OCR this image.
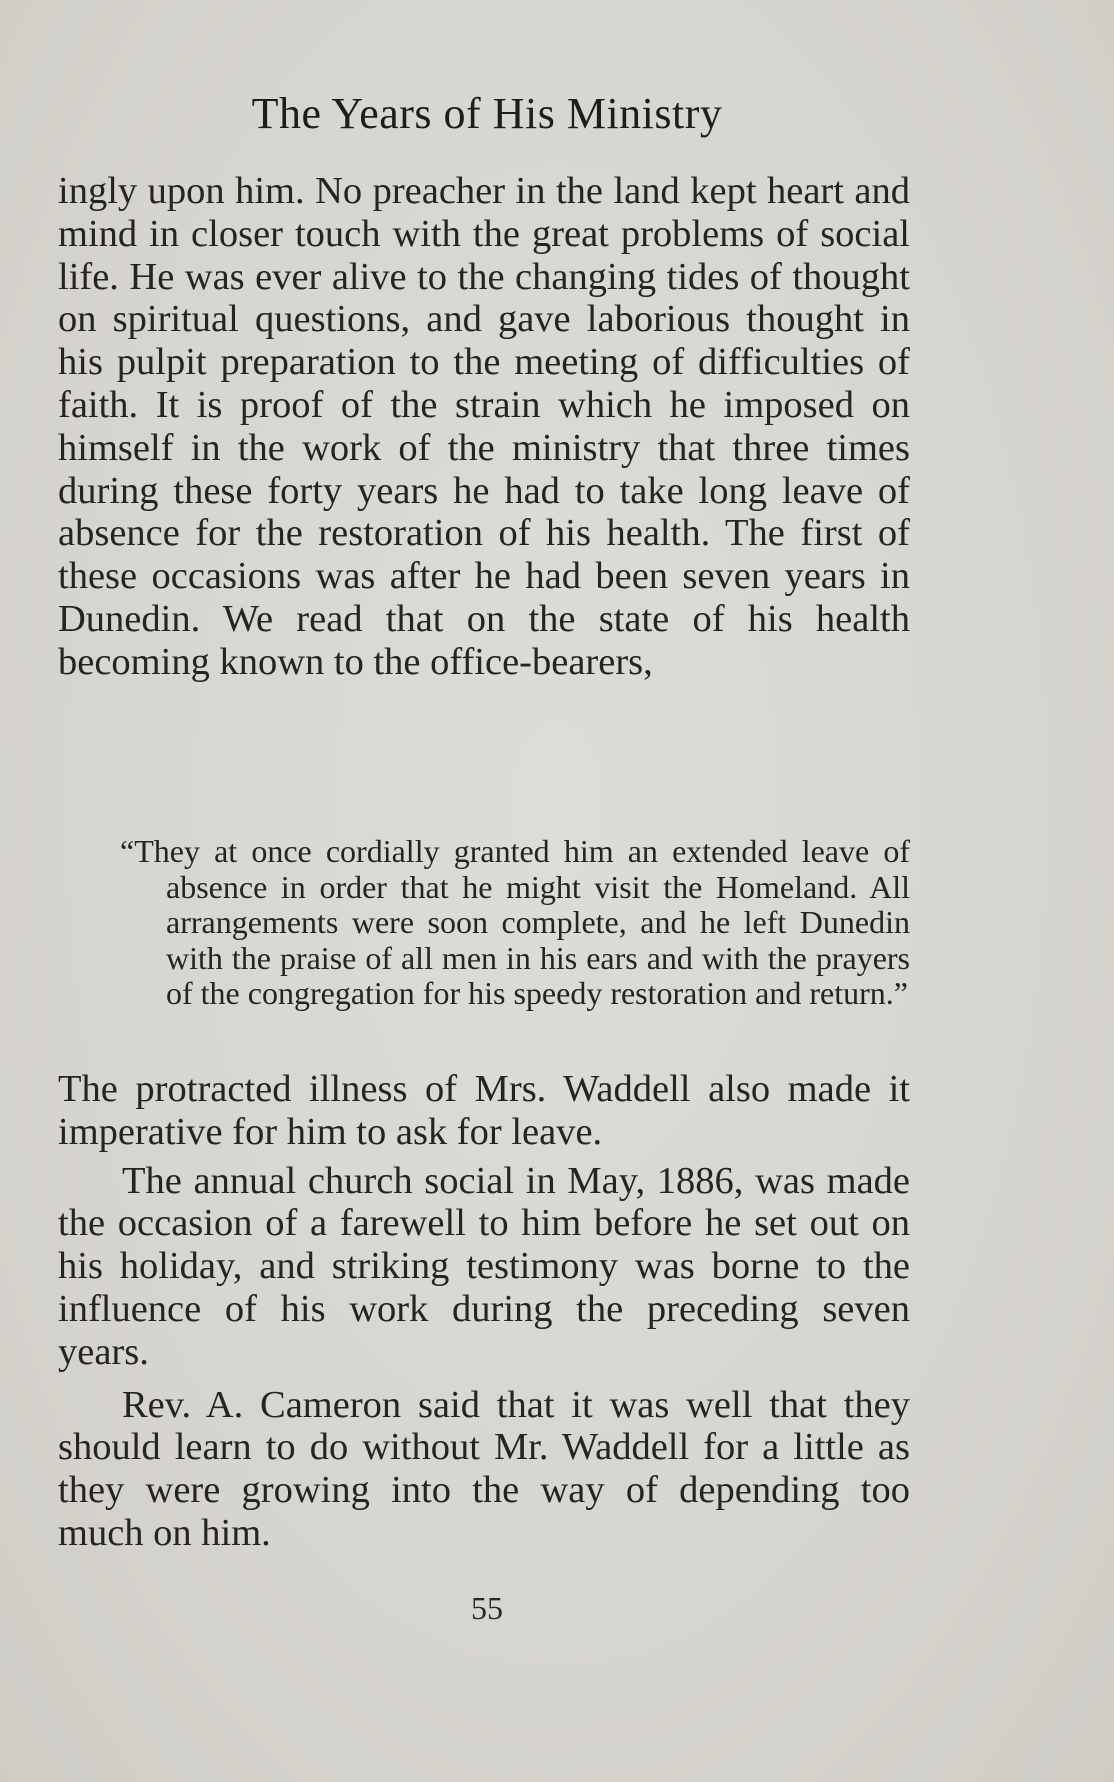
The Years of His Ministry

ingly upon him. No preacher in the land kept heart and mind in closer touch with the great problems of social life. He was ever alive to the changing tides of thought on spiritual questions, and gave laborious thought in his pulpit preparation to the meeting of difficulties of faith. It is proof of the strain which he imposed on himself in the work of the ministry that three times during these forty years he had to take long leave of absence for the restoration of his health. The first of these occasions was after he had been seven years in Dunedin. We read that on the state of his health becoming known to the office-bearers,

“They at once cordially granted him an extended leave of absence in order that he might visit the Homeland. All arrangements were soon complete, and he left Dunedin with the praise of all men in his ears and with the prayers of the congregation for his speedy restoration and return.”

The protracted illness of Mrs. Waddell also made it imperative for him to ask for leave.

The annual church social in May, 1886, was made the occasion of a farewell to him before he set out on his holiday, and striking testimony was borne to the influence of his work during the preceding seven years.

Rev. A. Cameron said that it was well that they should learn to do without Mr. Waddell for a little as they were growing into the way of depending too much on him.

55
